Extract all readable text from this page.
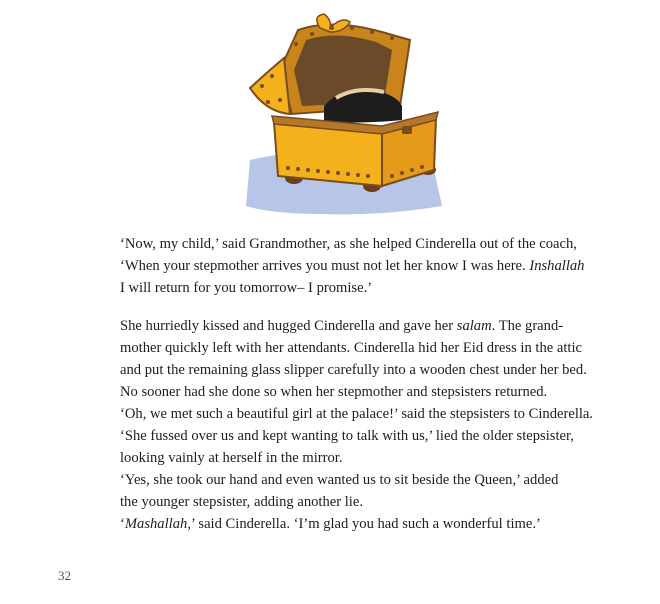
‘Now, my child,’ said Grandmother, as she helped Cinderella out of the coach,
‘When your stepmother arrives you must not let her know I was here. Inshallah
I will return for you tomorrow– I promise.’
She hurriedly kissed and hugged Cinderella and gave her salam. The grand-
mother quickly left with her attendants. Cinderella hid her Eid dress in the attic
and put the remaining glass slipper carefully into a wooden chest under her bed.
No sooner had she done so when her stepmother and stepsisters returned.
‘Oh, we met such a beautiful girl at the palace!’ said the stepsisters to Cinderella.
‘She fussed over us and kept wanting to talk with us,’ lied the older stepsister,
looking vainly at herself in the mirror.
‘Yes, she took our hand and even wanted us to sit beside the Queen,’ added
the younger stepsister, adding another lie.
‘Mashallah,’ said Cinderella. ‘I’m glad you had such a wonderful time.’
32
